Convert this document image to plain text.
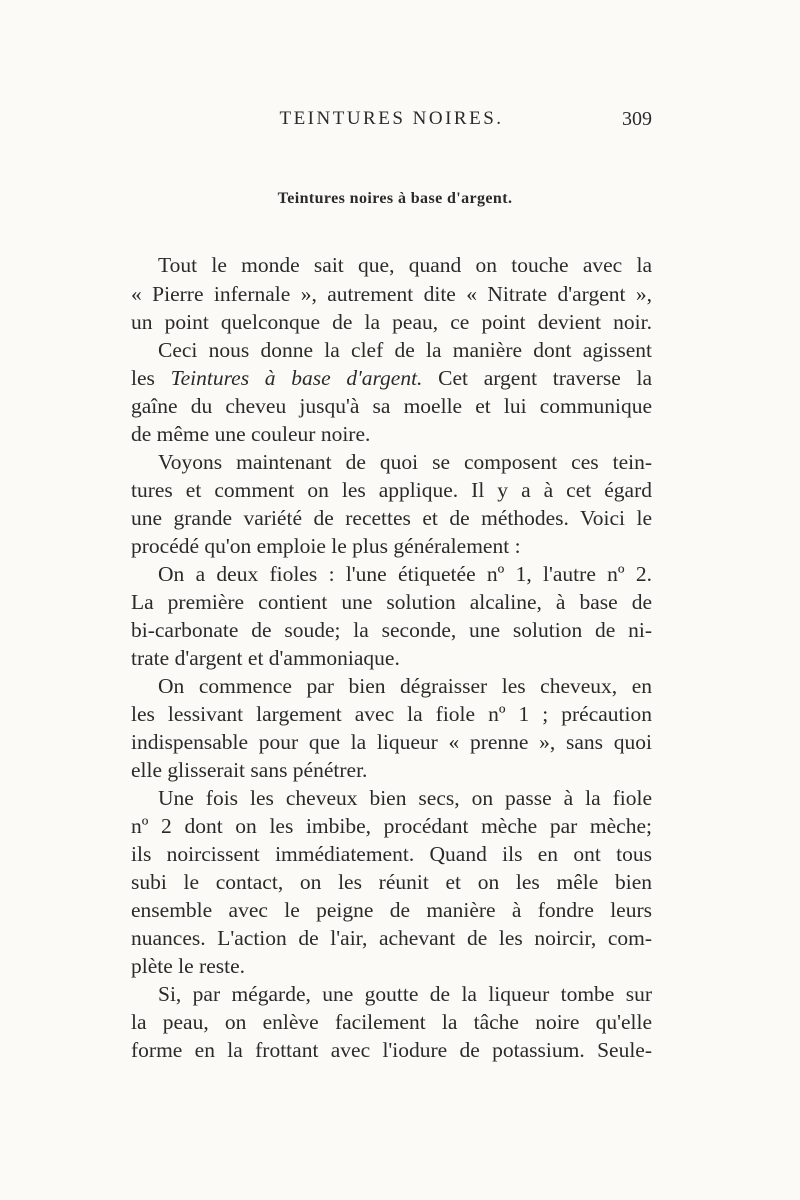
TEINTURES NOIRES.	309
Teintures noires à base d'argent.
Tout le monde sait que, quand on touche avec la
« Pierre infernale », autrement dite « Nitrate d'argent »,
un point quelconque de la peau, ce point devient noir.
Ceci nous donne la clef de la manière dont agissent
les Teintures à base d'argent. Cet argent traverse la
gaîne du cheveu jusqu'à sa moelle et lui communique
de même une couleur noire.
Voyons maintenant de quoi se composent ces tein-
tures et comment on les applique. Il y a à cet égard
une grande variété de recettes et de méthodes. Voici le
procédé qu'on emploie le plus généralement :
On a deux fioles : l'une étiquetée nº 1, l'autre nº 2.
La première contient une solution alcaline, à base de
bi-carbonate de soude; la seconde, une solution de ni-
trate d'argent et d'ammoniaque.
On commence par bien dégraisser les cheveux, en
les lessivant largement avec la fiole nº 1 ; précaution
indispensable pour que la liqueur « prenne », sans quoi
elle glisserait sans pénétrer.
Une fois les cheveux bien secs, on passe à la fiole
nº 2 dont on les imbibe, procédant mèche par mèche;
ils noircissent immédiatement. Quand ils en ont tous
subi le contact, on les réunit et on les mêle bien
ensemble avec le peigne de manière à fondre leurs
nuances. L'action de l'air, achevant de les noircir, com-
plète le reste.
Si, par mégarde, une goutte de la liqueur tombe sur
la peau, on enlève facilement la tâche noire qu'elle
forme en la frottant avec l'iodure de potassium. Seule-
